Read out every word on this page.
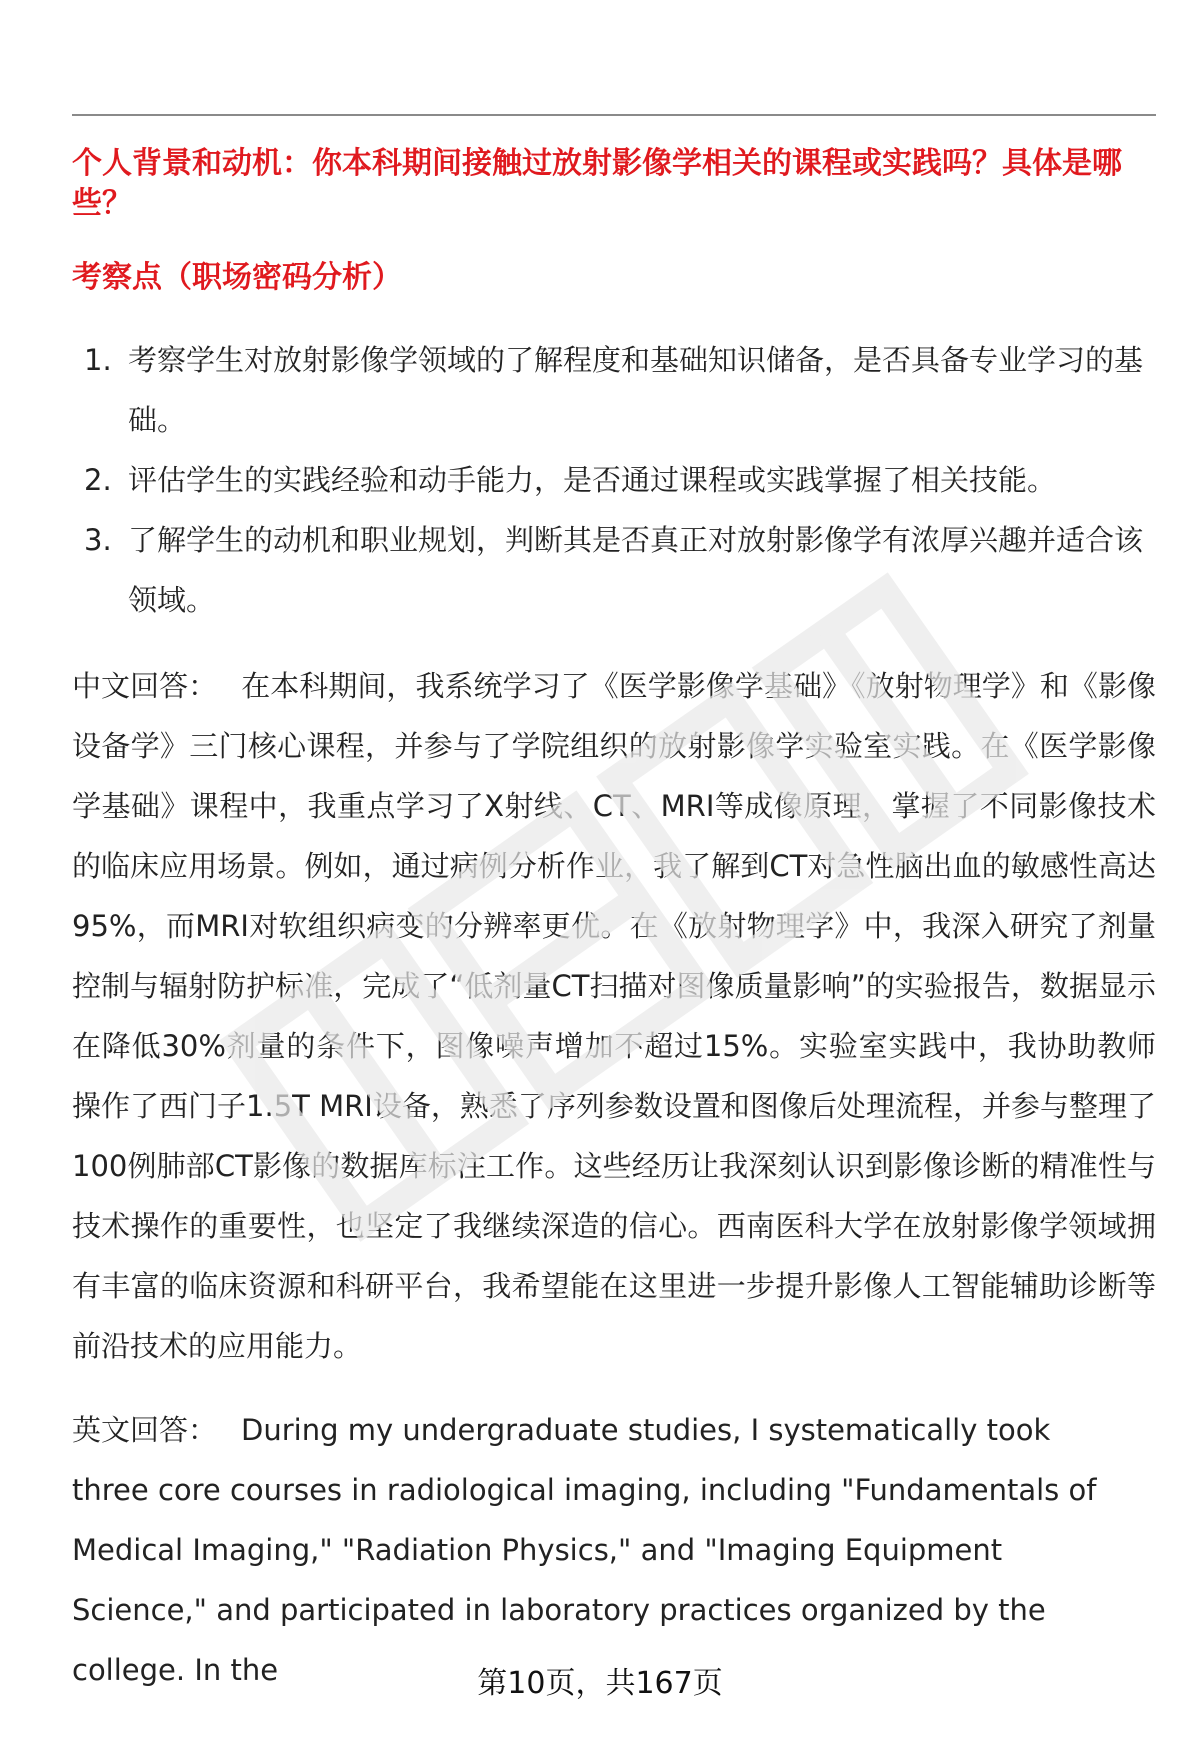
个人背景和动机：你本科期间接触过放射影像学相关的课程或实践吗？具体是哪些？
考察点（职场密码分析）
1. 考察学生对放射影像学领域的了解程度和基础知识储备，是否具备专业学习的基础。
2. 评估学生的实践经验和动手能力，是否通过课程或实践掌握了相关技能。
3. 了解学生的动机和职业规划，判断其是否真正对放射影像学有浓厚兴趣并适合该领域。

中文回答： 在本科期间，我系统学习了《医学影像学基础》《放射物理学》和《影像设备学》三门核心课程，并参与了学院组织的放射影像学实验室实践。在《医学影像学基础》课程中，我重点学习了X射线、CT、MRI等成像原理，掌握了不同影像技术的临床应用场景。例如，通过病例分析作业，我了解到CT对急性脑出血的敏感性高达95%，而MRI对软组织病变的分辨率更优。在《放射物理学》中，我深入研究了剂量控制与辐射防护标准，完成了“低剂量CT扫描对图像质量影响”的实验报告，数据显示在降低30%剂量的条件下，图像噪声增加不超过15%。实验室实践中，我协助教师操作了西门子1.5T MRI设备，熟悉了序列参数设置和图像后处理流程，并参与整理了100例肺部CT影像的数据库标注工作。这些经历让我深刻认识到影像诊断的精准性与技术操作的重要性，也坚定了我继续深造的信心。西南医科大学在放射影像学领域拥有丰富的临床资源和科研平台，我希望能在这里进一步提升影像人工智能辅助诊断等前沿技术的应用能力。

英文回答： During my undergraduate studies, I systematically took three core courses in radiological imaging, including "Fundamentals of Medical Imaging," "Radiation Physics," and "Imaging Equipment Science," and participated in laboratory practices organized by the college. In the	第10页，共167页
